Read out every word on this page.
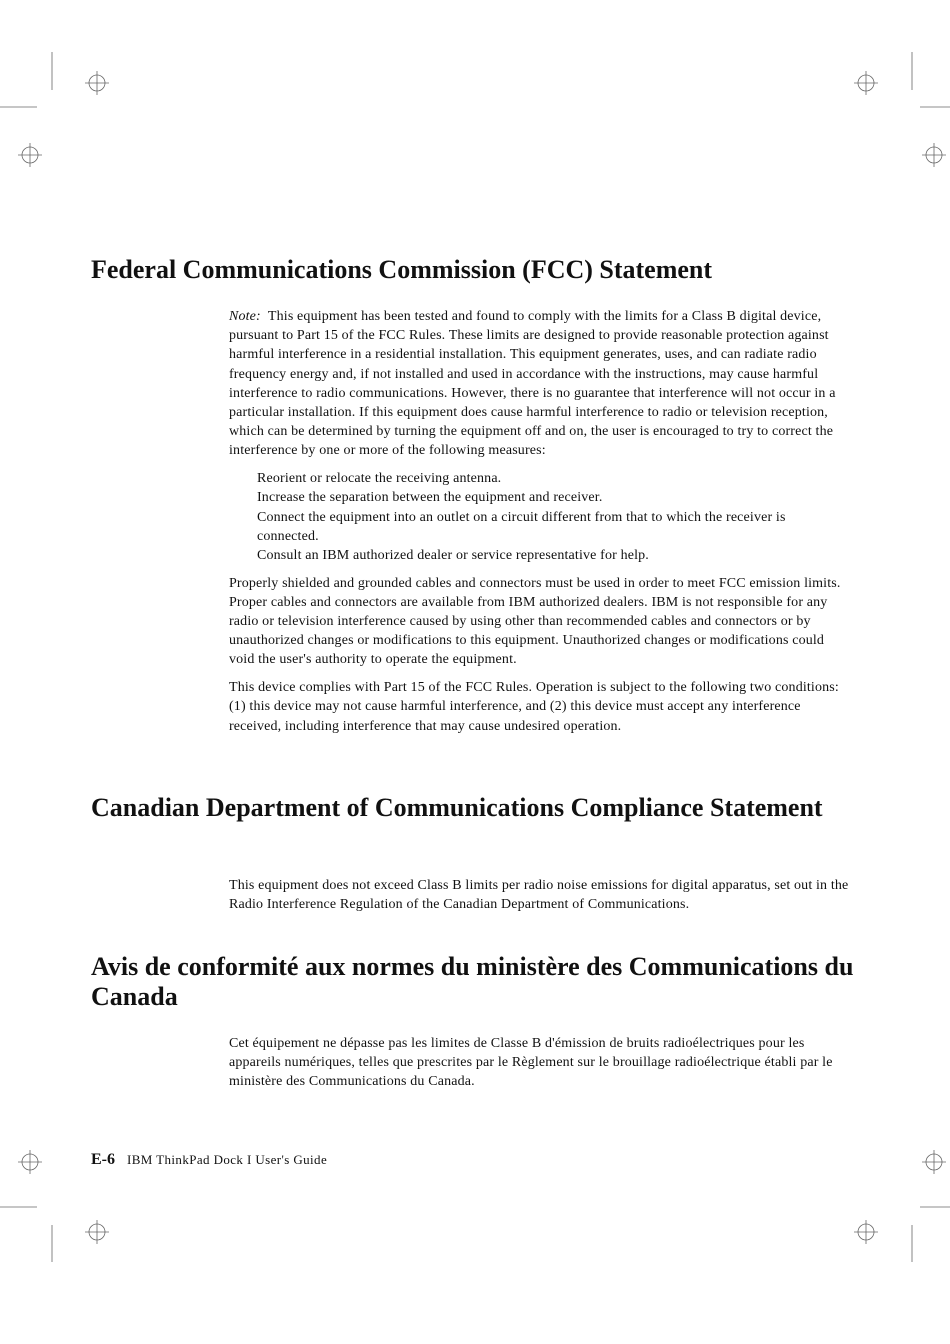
Federal Communications Commission (FCC) Statement

Note: This equipment has been tested and found to comply with the limits for a Class B digital device, pursuant to Part 15 of the FCC Rules. These limits are designed to provide reasonable protection against harmful interference in a residential installation. This equipment generates, uses, and can radiate radio frequency energy and, if not installed and used in accordance with the instructions, may cause harmful interference to radio communications. However, there is no guarantee that interference will not occur in a particular installation. If this equipment does cause harmful interference to radio or television reception, which can be determined by turning the equipment off and on, the user is encouraged to try to correct the interference by one or more of the following measures:

Reorient or relocate the receiving antenna.
Increase the separation between the equipment and receiver.
Connect the equipment into an outlet on a circuit different from that to which the receiver is connected.
Consult an IBM authorized dealer or service representative for help.

Properly shielded and grounded cables and connectors must be used in order to meet FCC emission limits. Proper cables and connectors are available from IBM authorized dealers. IBM is not responsible for any radio or television interference caused by using other than recommended cables and connectors or by unauthorized changes or modifications to this equipment. Unauthorized changes or modifications could void the user's authority to operate the equipment.

This device complies with Part 15 of the FCC Rules. Operation is subject to the following two conditions: (1) this device may not cause harmful interference, and (2) this device must accept any interference received, including interference that may cause undesired operation.

Canadian Department of Communications Compliance Statement

This equipment does not exceed Class B limits per radio noise emissions for digital apparatus, set out in the Radio Interference Regulation of the Canadian Department of Communications.

Avis de conformité aux normes du ministère des Communications du Canada

Cet équipement ne dépasse pas les limites de Classe B d'émission de bruits radioélectriques pour les appareils numériques, telles que prescrites par le Règlement sur le brouillage radioélectrique établi par le ministère des Communications du Canada.

E-6 IBM ThinkPad Dock I User's Guide
